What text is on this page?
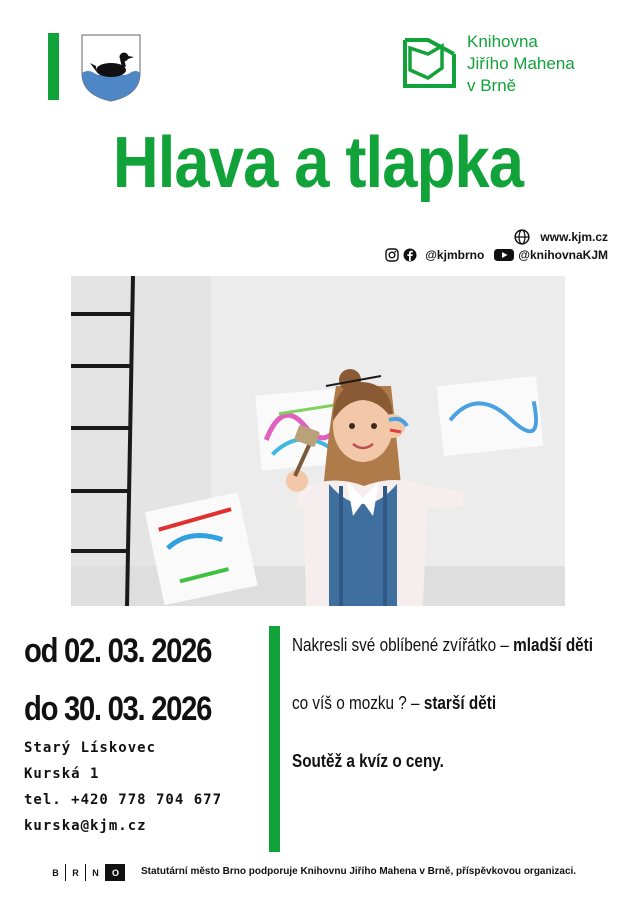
Knihovna
Jiřího Mahena
v Brně
Hlava a tlapka
www.kjm.cz
@kjmbrno	@knihovnaKJM
od 02. 03. 2026
do 30. 03. 2026
Starý Lískovec
Kurská 1
tel. +420 778 704 677
kurska@kjm.cz
Nakresli své oblíbené zvířátko – mladší děti
co víš o mozku ? – starší děti
Soutěž a kvíz o ceny.
B	R	N	O	Statutární město Brno podporuje Knihovnu Jiřího Mahena v Brně, příspěvkovou organizaci.
